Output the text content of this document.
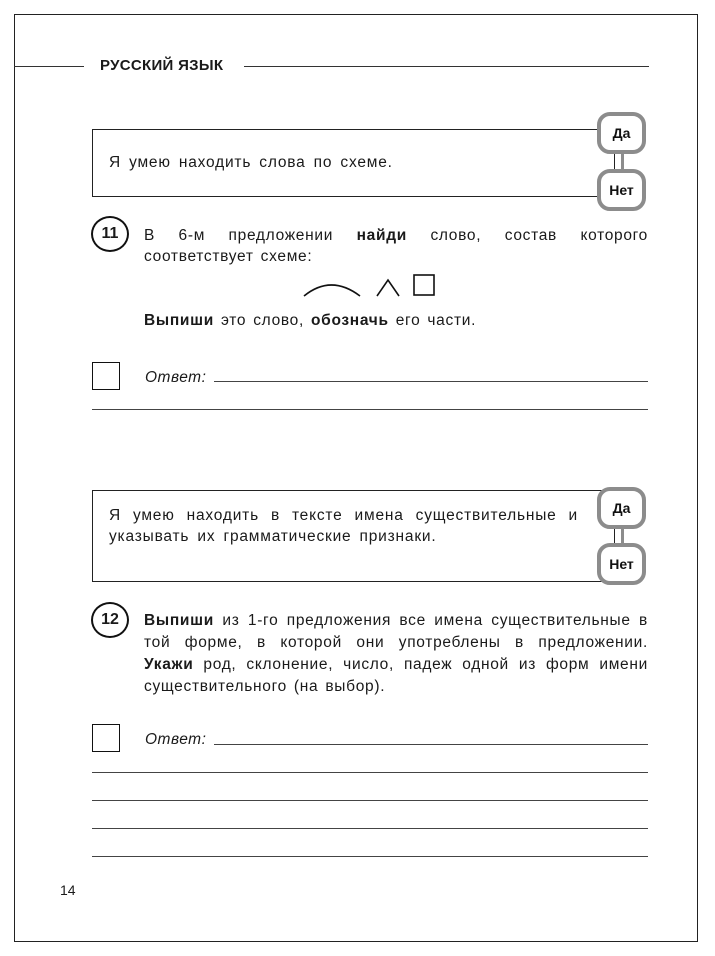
РУССКИЙ ЯЗЫК
Я умею находить слова по схеме.
Да
Нет
11	В 6-м предложении найди слово, состав которого соответствует схеме:
Выпиши это слово, обозначь его части.
Ответ:
Я умею находить в тексте имена существительные и указывать их грамматические признаки.
Да
Нет
12	Выпиши из 1-го предложения все имена существительные в той форме, в которой они употреблены в предложении. Укажи род, склонение, число, падеж одной из форм имени существительного (на выбор).
Ответ:
14
